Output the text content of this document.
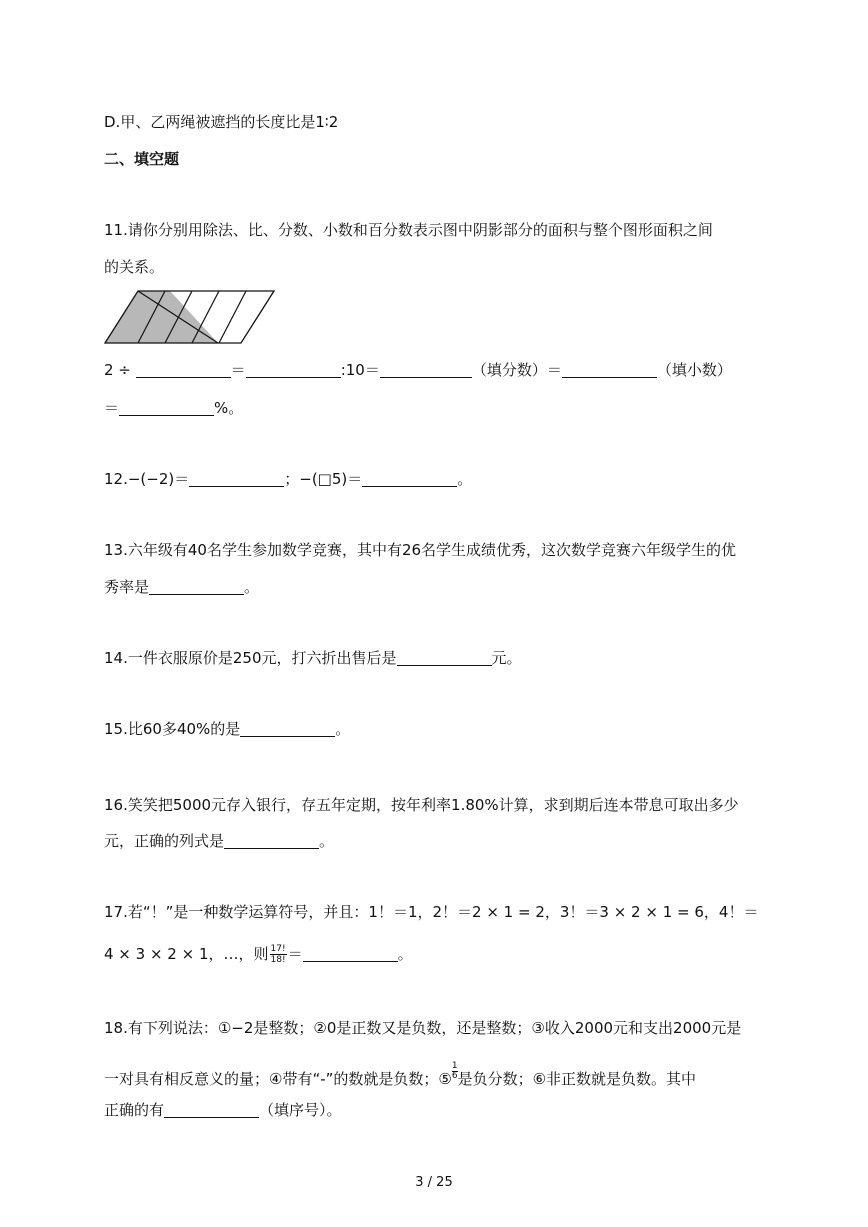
D.甲、乙两绳被遮挡的长度比是1∶2
二、填空题
11.请你分别用除法、比、分数、小数和百分数表示图中阴影部分的面积与整个图形面积之间
的关系。
2 ÷	＝	:10＝	（填分数）＝	（填小数）
＝	%。
12.−(−2)＝	；−(□5)＝	。
13.六年级有40名学生参加数学竞赛，其中有26名学生成绩优秀，这次数学竞赛六年级学生的优
秀率是	。
14.一件衣服原价是250元，打六折出售后是	元。
15.比60多40%的是	。
16.笑笑把5000元存入银行，存五年定期，按年利率1.80%计算，求到期后连本带息可取出多少
元，正确的列式是	。
17.若“！”是一种数学运算符号，并且：1！＝1，2！＝2 × 1 = 2，3！＝3 × 2 × 1 = 6，4！＝
4 × 3 × 2 × 1，…，则 $\frac{17!}{18!}$ ＝	。
18.有下列说法：①−2是整数；②0是正数又是负数，还是整数；③收入2000元和支出2000元是
一对具有相反意义的量；④带有“-”的数就是负数；⑤ $\frac{1}{6}$是负分数；⑥非正数就是负数。其中
正确的有	（填序号）。
3 / 25
